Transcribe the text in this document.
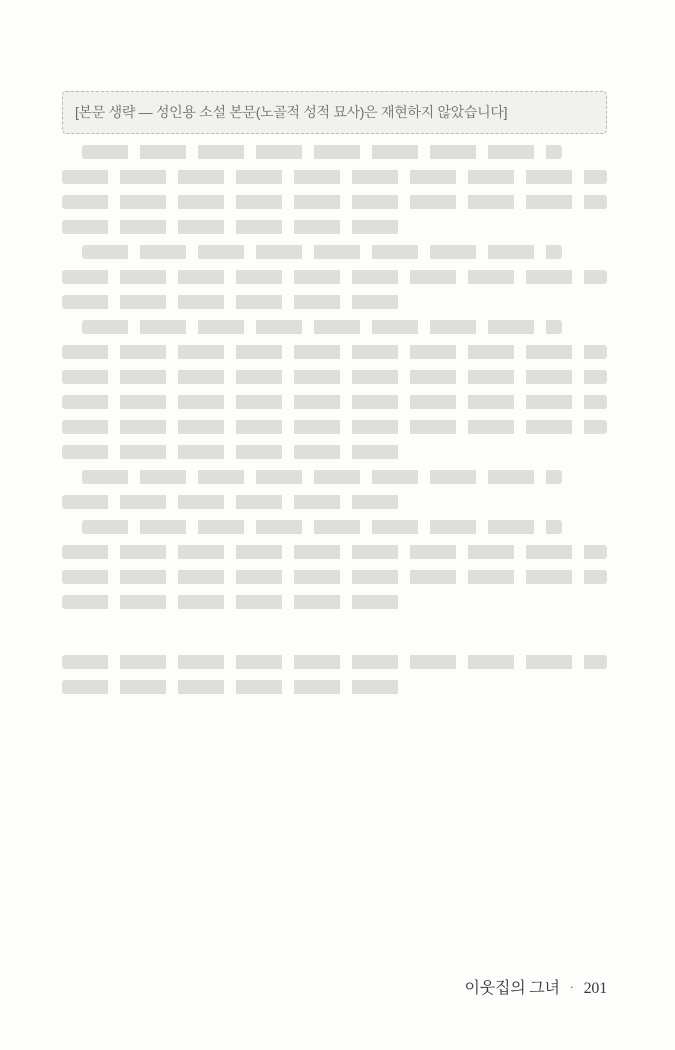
[본문 생략 — 성인용 소설 본문(노골적 성적 묘사)은 재현하지 않았습니다]
이웃집의 그녀 · 201
